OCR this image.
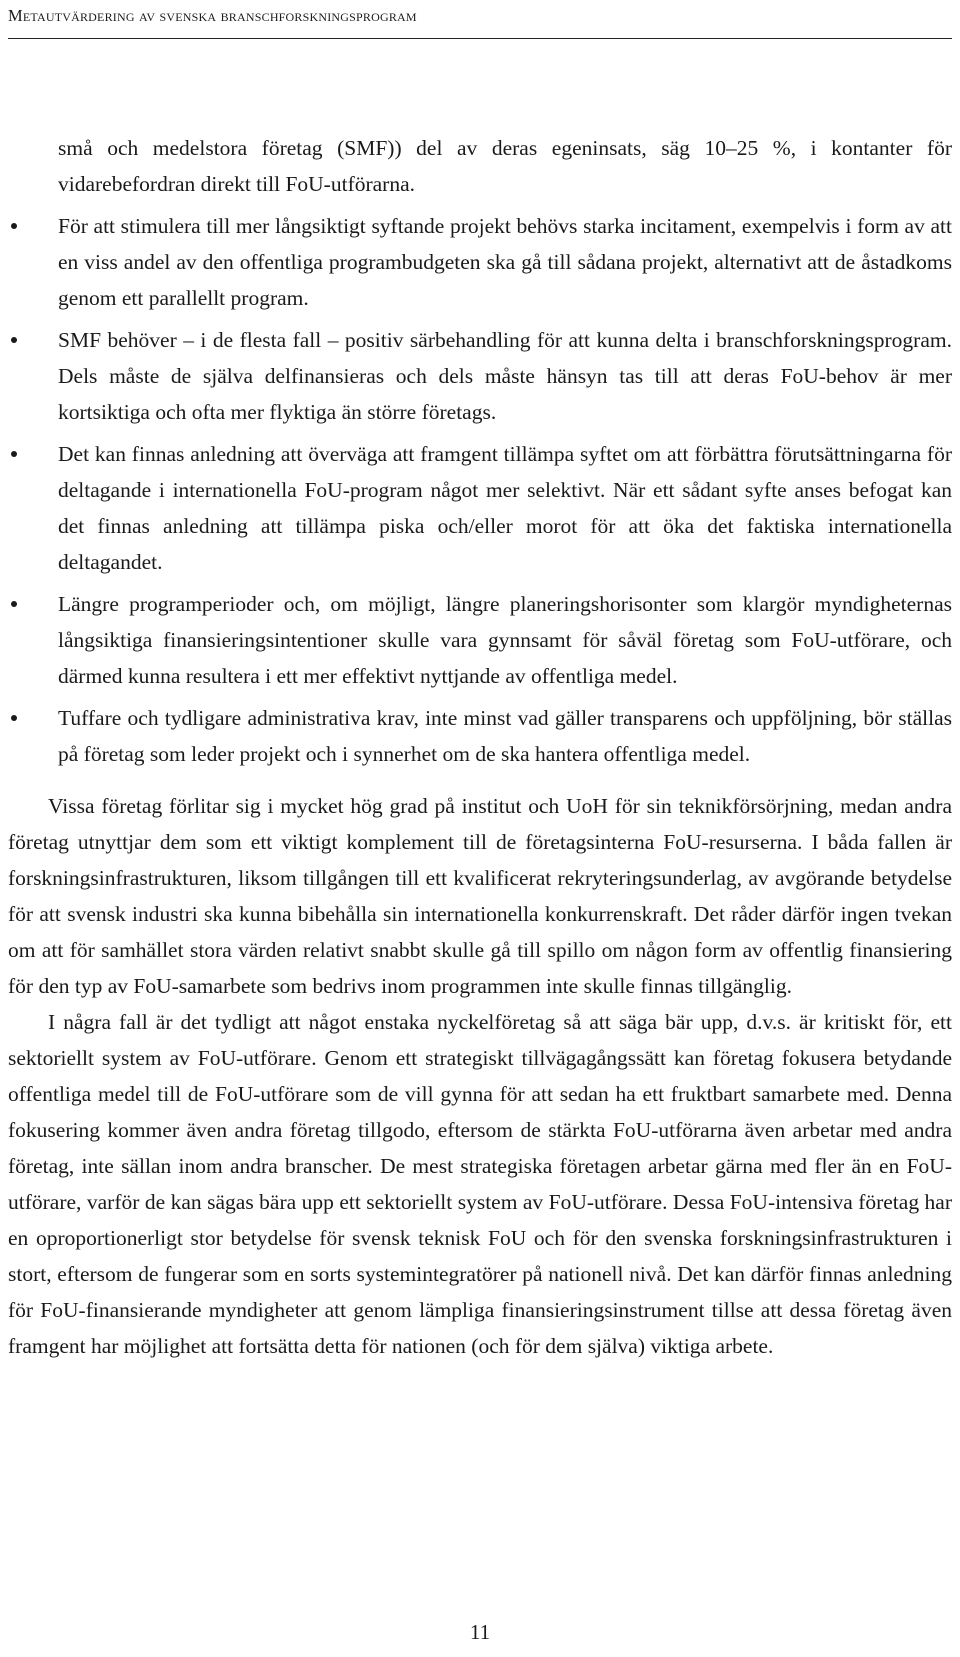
Metautvärdering av svenska branschforskningsprogram

små och medelstora företag (SMF)) del av deras egeninsats, säg 10–25 %, i kontanter för vidarebefordran direkt till FoU-utförarna.

För att stimulera till mer långsiktigt syftande projekt behövs starka incitament, exempelvis i form av att en viss andel av den offentliga programbudgeten ska gå till sådana projekt, alternativt att de åstadkoms genom ett parallellt program.
SMF behöver – i de flesta fall – positiv särbehandling för att kunna delta i branschforskningsprogram. Dels måste de själva delfinansieras och dels måste hänsyn tas till att deras FoU-behov är mer kortsiktiga och ofta mer flyktiga än större företags.
Det kan finnas anledning att överväga att framgent tillämpa syftet om att förbättra förutsättningarna för deltagande i internationella FoU-program något mer selektivt. När ett sådant syfte anses befogat kan det finnas anledning att tillämpa piska och/eller morot för att öka det faktiska internationella deltagandet.
Längre programperioder och, om möjligt, längre planeringshorisonter som klargör myndigheternas långsiktiga finansieringsintentioner skulle vara gynnsamt för såväl företag som FoU-utförare, och därmed kunna resultera i ett mer effektivt nyttjande av offentliga medel.
Tuffare och tydligare administrativa krav, inte minst vad gäller transparens och uppföljning, bör ställas på företag som leder projekt och i synnerhet om de ska hantera offentliga medel.

Vissa företag förlitar sig i mycket hög grad på institut och UoH för sin teknikförsörjning, medan andra företag utnyttjar dem som ett viktigt komplement till de företagsinterna FoU-resurserna. I båda fallen är forskningsinfrastrukturen, liksom tillgången till ett kvalificerat rekryteringsunderlag, av avgörande betydelse för att svensk industri ska kunna bibehålla sin internationella konkurrenskraft. Det råder därför ingen tvekan om att för samhället stora värden relativt snabbt skulle gå till spillo om någon form av offentlig finansiering för den typ av FoU-samarbete som bedrivs inom programmen inte skulle finnas tillgänglig.

I några fall är det tydligt att något enstaka nyckelföretag så att säga bär upp, d.v.s. är kritiskt för, ett sektoriellt system av FoU-utförare. Genom ett strategiskt tillvägagångssätt kan företag fokusera betydande offentliga medel till de FoU-utförare som de vill gynna för att sedan ha ett fruktbart samarbete med. Denna fokusering kommer även andra företag tillgodo, eftersom de stärkta FoU-utförarna även arbetar med andra företag, inte sällan inom andra branscher. De mest strategiska företagen arbetar gärna med fler än en FoU-utförare, varför de kan sägas bära upp ett sektoriellt system av FoU-utförare. Dessa FoU-intensiva företag har en oproportionerligt stor betydelse för svensk teknisk FoU och för den svenska forskningsinfrastrukturen i stort, eftersom de fungerar som en sorts systemintegratörer på nationell nivå. Det kan därför finnas anledning för FoU-finansierande myndigheter att genom lämpliga finansieringsinstrument tillse att dessa företag även framgent har möjlighet att fortsätta detta för nationen (och för dem själva) viktiga arbete.

11
